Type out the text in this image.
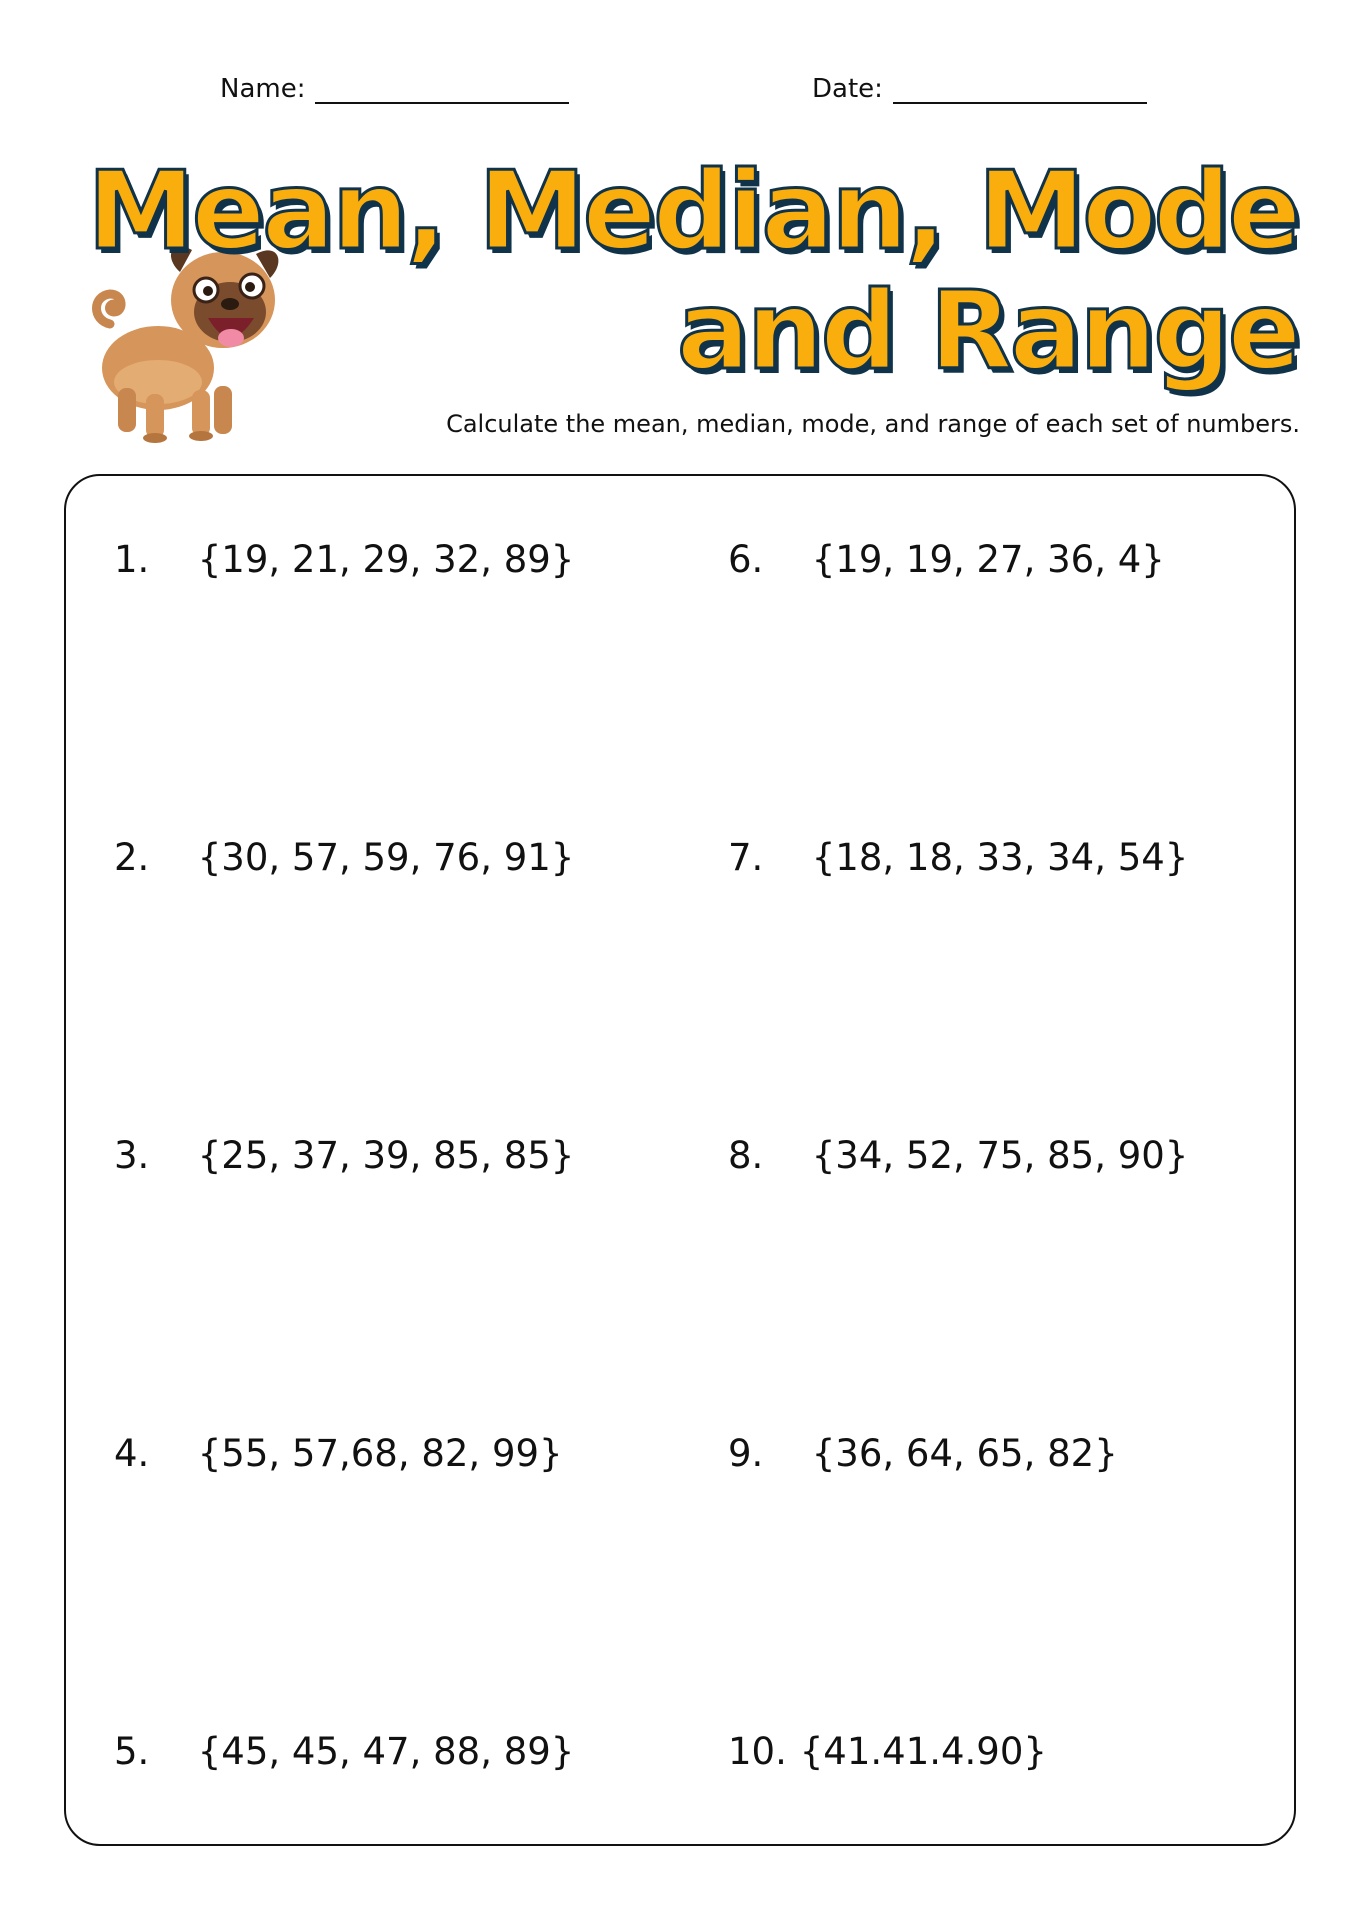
Name:	Date:
Mean, Median, Mode
and Range
Calculate the mean, median, mode, and range of each set of numbers.
1. {19, 21, 29, 32, 89}
2. {30, 57, 59, 76, 91}
3. {25, 37, 39, 85, 85}
4. {55, 57,68, 82, 99}
5. {45, 45, 47, 88, 89}
6. {19, 19, 27, 36, 4}
7. {18, 18, 33, 34, 54}
8. {34, 52, 75, 85, 90}
9. {36, 64, 65, 82}
10. {41.41.4.90}
